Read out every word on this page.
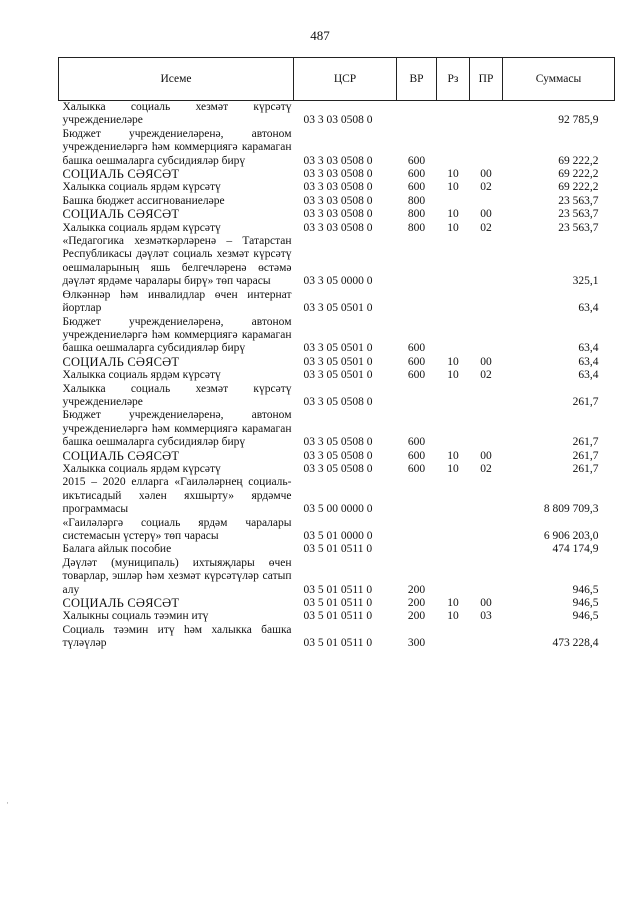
487
Исеме	ЦСР	ВР	Рз	ПР	Суммасы
Халыкка социаль хезмәт күрсәтү учреждениеләре	03 3 03 0508 0				92 785,9
Бюджет учреждениеләренә, автоном учреждениеләргә һәм коммерциягә карамаган башка оешмаларга субсидияләр бирү	03 3 03 0508 0	600			69 222,2
СОЦИАЛЬ СӘЯСӘТ	03 3 03 0508 0	600	10	00	69 222,2
Халыкка социаль ярдәм күрсәтү	03 3 03 0508 0	600	10	02	69 222,2
Башка бюджет ассигнованиеләре	03 3 03 0508 0	800			23 563,7
СОЦИАЛЬ СӘЯСӘТ	03 3 03 0508 0	800	10	00	23 563,7
Халыкка социаль ярдәм күрсәтү	03 3 03 0508 0	800	10	02	23 563,7
«Педагогика хезмәткәрләренә – Татарстан Республикасы дәүләт социаль хезмәт күрсәтү оешмаларының яшь белгечләренә өстәмә дәүләт ярдәме чаралары бирү» төп чарасы	03 3 05 0000 0				325,1
Өлкәннәр һәм инвалидлар өчен интернат йортлар	03 3 05 0501 0				63,4
Бюджет учреждениеләренә, автоном учреждениеләргә һәм коммерциягә карамаган башка оешмаларга субсидияләр бирү	03 3 05 0501 0	600			63,4
СОЦИАЛЬ СӘЯСӘТ	03 3 05 0501 0	600	10	00	63,4
Халыкка социаль ярдәм күрсәтү	03 3 05 0501 0	600	10	02	63,4
Халыкка социаль хезмәт күрсәтү учреждениеләре	03 3 05 0508 0				261,7
Бюджет учреждениеләренә, автоном учреждениеләргә һәм коммерциягә карамаган башка оешмаларга субсидияләр бирү	03 3 05 0508 0	600			261,7
СОЦИАЛЬ СӘЯСӘТ	03 3 05 0508 0	600	10	00	261,7
Халыкка социаль ярдәм күрсәтү	03 3 05 0508 0	600	10	02	261,7
2015 – 2020 елларга «Гаиләләрнең социаль-икътисадый хәлен яхшырту» ярдәмче программасы	03 5 00 0000 0				8 809 709,3
«Гаиләләргә социаль ярдәм чаралары системасын үстерү» төп чарасы	03 5 01 0000 0				6 906 203,0
Балага айлык пособие	03 5 01 0511 0				474 174,9
Дәүләт (муниципаль) ихтыяҗлары өчен товарлар, эшләр һәм хезмәт күрсәтүләр сатып алу	03 5 01 0511 0	200			946,5
СОЦИАЛЬ СӘЯСӘТ	03 5 01 0511 0	200	10	00	946,5
Халыкны социаль тәэмин итү	03 5 01 0511 0	200	10	03	946,5
Социаль тәэмин итү һәм халыкка башка түләүләр	03 5 01 0511 0	300			473 228,4
·
